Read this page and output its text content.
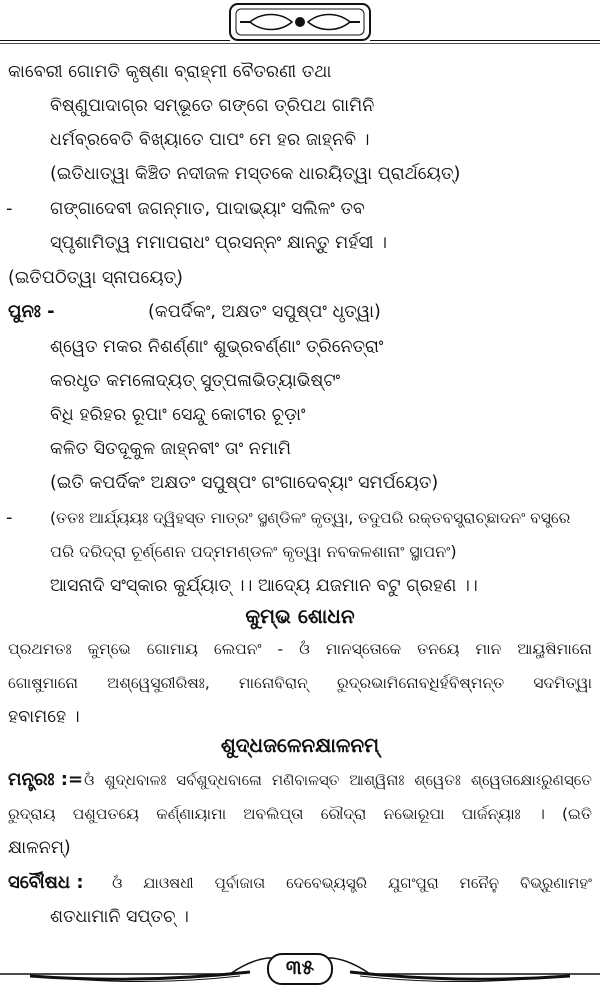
କାବେରୀ ଗୋମତି କୃଷ୍ଣା ବ୍ରାହ୍ମୀ ବୈତରଣୀ ତଥା
ବିଷ୍ଣୁପାଦାଗ୍ର ସମ୍ଭୂତେ ଗଙ୍ଗେ ତ୍ରିପଥ ଗାମିନି
ଧର୍ମବ୍ରବେତି ବିଖ୍ୟାତେ ପାପଂ ମେ ହର ଜାହ୍ନବି ।
(ଇତିଧାତ୍ୱା କିଞ୍ଚିତ ନଦୀଜଳ ମସ୍ତକେ ଧାରୟିତ୍ୱା ପ୍ରାର୍ଥୟେତ୍)
- ଗଙ୍ଗାଦେବୀ ଜଗନ୍ମାତ, ପାଦାଭ୍ୟାଂ ସଲିଳଂ ତବ
ସ୍ପୃଶାମିତ୍ୱ ମମାପରାଧଂ ପ୍ରସନ୍ନଂ କ୍ଷାନ୍ତୁ ମର୍ହସୀ ।
(ଇତିପଠିତ୍ୱା ସ୍ନାପୟେତ୍)
ପୁନଃ -	(କପର୍ଦିକଂ, ଅକ୍ଷତଂ ସପୁଷ୍ପଂ ଧୃତ୍ୱା)
ଶ୍ୱେତ ମକର ନିଶର୍ଣ୍ଣାଂ ଶୁଭ୍ରବର୍ଣ୍ଣାଂ ତ୍ରିନେତ୍ରାଂ
କରଧୃତ କମଳୋଦ୍ୟତ୍ ସୁତ୍ପଳାଭିତ୍ୟାଭିଷ୍ଟଂ
ବିଧି ହରିହର ରୂପାଂ ସେନ୍ଦୁ କୋଟୀର ଚୂଡ଼ାଂ
କଳିତ ସିତଦୂକୁଳ ଜାହ୍ନବୀଂ ତାଂ ନମାମି
(ଇତି କପର୍ଦିକଂ ଅକ୍ଷତଂ ସପୁଷ୍ପଂ ଗଂଗାଦେବ୍ୟାଂ ସମର୍ପୟେତ)
- (ତତଃ ଆର୍ଯ୍ୟୟଃ ଦ୍ୱିହସ୍ତ ମାତ୍ରଂ ସ୍ଥଣ୍ଡିଳଂ କୃତ୍ୱା, ତଦୁପରି ରକ୍ତବସ୍ତ୍ରାଚ୍ଛାଦନଂ ବସ୍ତ୍ରେ
ପରି ଦରିଦ୍ରା ଚୂର୍ଣ୍ଣେନ ପଦ୍ମମଣ୍ଡଳଂ କୃତ୍ୱା ନବକଳଶାନାଂ ସ୍ଥାପନଂ)
ଆସନାଦି ସଂସ୍କାର କୁର୍ଯ୍ୟାତ୍ ।। ଆଦ୍ୟେ ଯଜମାନ ବଟୁ ଗ୍ରହଣ ।।
କୁମ୍ଭ ଶୋଧନ
ପ୍ରଥମତଃ କୁମ୍ଭେ ଗୋମାୟ ଲେପନଂ - ଓଁ ମାନସ୍ତୋକେ ତନୟେ ମାନ ଆୟୁଷିମାନୋ
ଗୋଷୁମାନୋ ଅଶ୍ୱେସୁରୀରିଷଃ, ମାନୋବିରାନ୍ ରୁଦ୍ରଭାମିନୋବଧିର୍ହବିଷ୍ମନ୍ତ ସଦମିତ୍ୱା
ହବାମହେ ।
ଶୁଦ୍ଧଜଳେନକ୍ଷାଳନମ୍
ମନ୍ତ୍ରଃ := ଓଁ ଶୁଦ୍ଧବାଳଃ ସର୍ବଶୁଦ୍ଧବାଳୋ ମଣିବାଳସ୍ତ ଆଶ୍ୱିନାଃ ଶ୍ୱେତଃ ଶ୍ୱେତାକ୍ଷୋଽରୁଣସ୍ତେ
ରୁଦ୍ରାୟ ପଶୁପତୟେ କର୍ଣ୍ଣାୟାମା ଅବଲିପ୍ତା ରୌଦ୍ରା ନଭୋରୂପା ପାର୍ଜନ୍ୟାଃ । (ଇତି
କ୍ଷାଳନମ୍)
ସର୍ବୌଷଧ : ଓଁ ଯାଓଷଧୀ ପୂର୍ବାଜାତା ଦେବେଭ୍ୟସ୍ତ୍ରି ଯୁଗଂପୁରା ମନୈନୁ ବିଭ୍ରୁଣାମହଂ
ଶତଧାମାନି ସପ୍ତଚ୍ ।
୩୫
